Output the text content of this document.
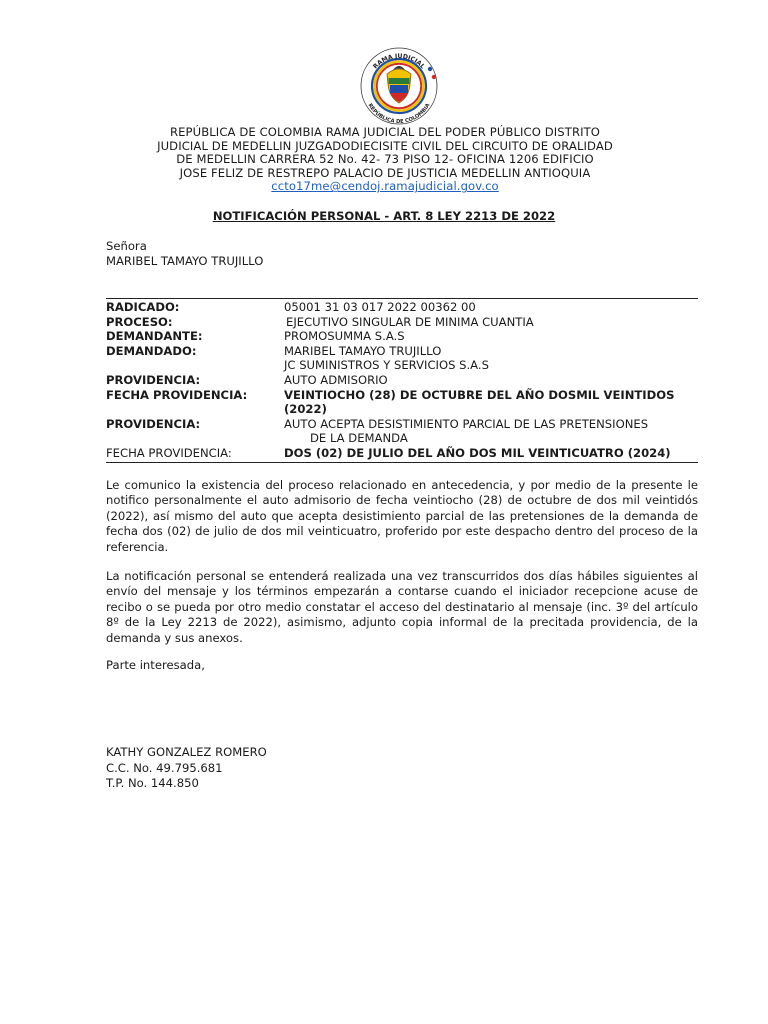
RAMA JUDICIAL
REPÚBLICA DE COLOMBIA
REPÚBLICA DE COLOMBIA RAMA JUDICIAL DEL PODER PÚBLICO DISTRITO
JUDICIAL DE MEDELLIN JUZGADODIECISITE CIVIL DEL CIRCUITO DE ORALIDAD
DE MEDELLIN CARRERA 52 No. 42- 73 PISO 12- OFICINA 1206 EDIFICIO
JOSE FELIZ DE RESTREPO PALACIO DE JUSTICIA MEDELLIN ANTIOQUIA
ccto17me@cendoj.ramajudicial.gov.co
NOTIFICACIÓN PERSONAL - ART. 8 LEY 2213 DE 2022
Señora
MARIBEL TAMAYO TRUJILLO
RADICADO:	05001 31 03 017 2022 00362 00
PROCESO:	EJECUTIVO SINGULAR DE MINIMA CUANTIA
DEMANDANTE:	PROMOSUMMA S.A.S
DEMANDADO:	MARIBEL TAMAYO TRUJILLO
JC SUMINISTROS Y SERVICIOS S.A.S
PROVIDENCIA:	AUTO ADMISORIO
FECHA PROVIDENCIA:	VEINTIOCHO (28) DE OCTUBRE DEL AÑO DOSMIL VEINTIDOS (2022)
PROVIDENCIA:	AUTO ACEPTA DESISTIMIENTO PARCIAL DE LAS PRETENSIONES
DE LA DEMANDA
FECHA PROVIDENCIA:	DOS (02) DE JULIO DEL AÑO DOS MIL VEINTICUATRO (2024)
Le comunico la existencia del proceso relacionado en antecedencia, y por medio de la presente le notifico personalmente el auto admisorio de fecha veintiocho (28) de octubre de dos mil veintidós (2022), así mismo del auto que acepta desistimiento parcial de las pretensiones de la demanda de fecha dos (02) de julio de dos mil veinticuatro, proferido por este despacho dentro del proceso de la referencia.
La notificación personal se entenderá realizada una vez transcurridos dos días hábiles siguientes al envío del mensaje y los términos empezarán a contarse cuando el iniciador recepcione acuse de recibo o se pueda por otro medio constatar el acceso del destinatario al mensaje (inc. 3º del artículo 8º de la Ley 2213 de 2022), asimismo, adjunto copia informal de la precitada providencia, de la demanda y sus anexos.
Parte interesada,
KATHY GONZALEZ ROMERO
C.C. No. 49.795.681
T.P. No. 144.850
